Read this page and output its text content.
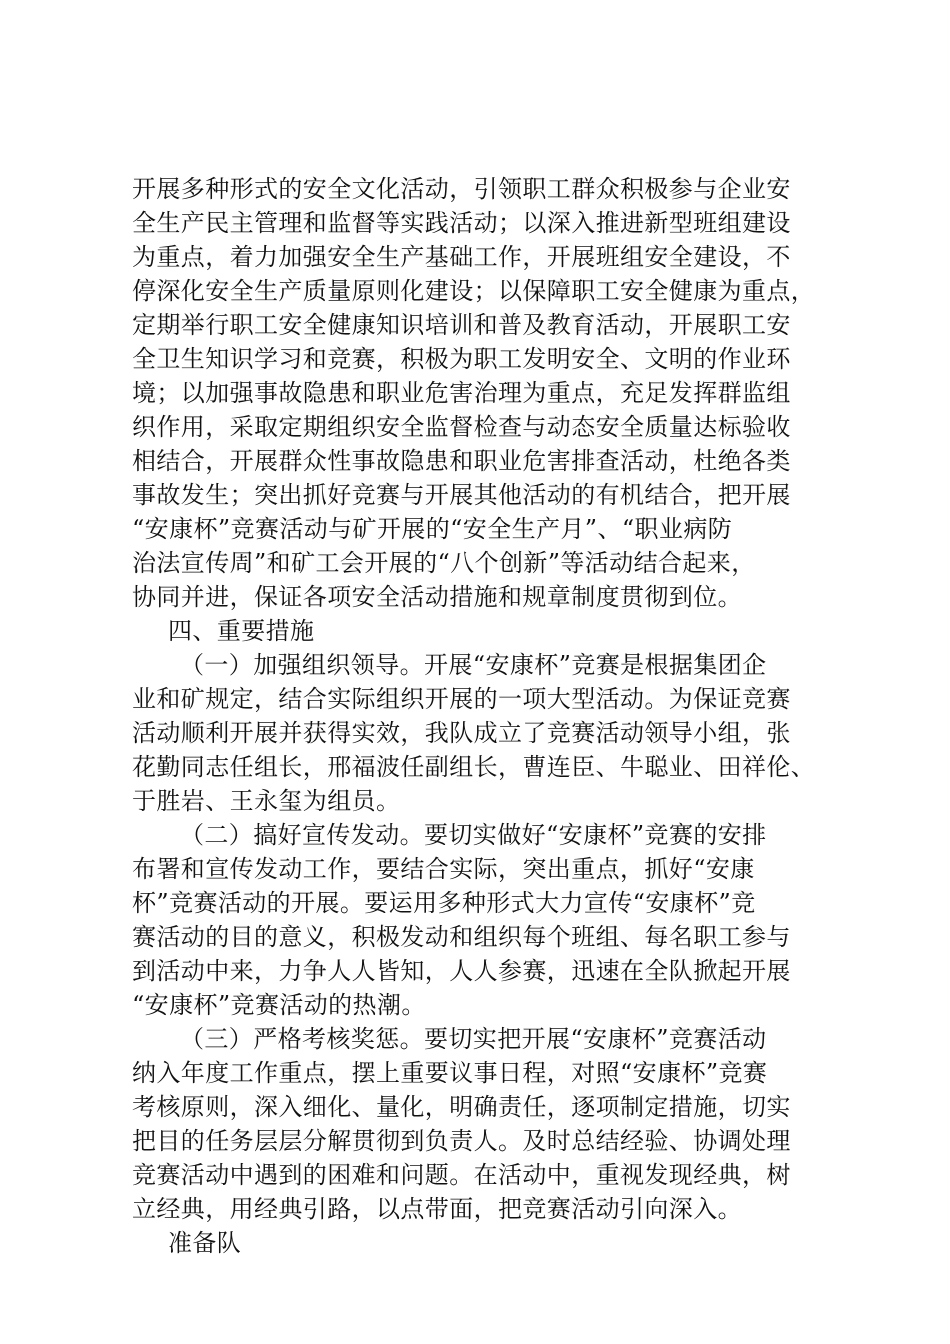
开展多种形式的安全文化活动，引领职工群众积极参与企业安
全生产民主管理和监督等实践活动；以深入推进新型班组建设
为重点，着力加强安全生产基础工作，开展班组安全建设，不
停深化安全生产质量原则化建设；以保障职工安全健康为重点，
定期举行职工安全健康知识培训和普及教育活动，开展职工安
全卫生知识学习和竞赛，积极为职工发明安全、文明的作业环
境；以加强事故隐患和职业危害治理为重点，充足发挥群监组
织作用，采取定期组织安全监督检查与动态安全质量达标验收
相结合，开展群众性事故隐患和职业危害排查活动，杜绝各类
事故发生；突出抓好竞赛与开展其他活动的有机结合，把开展
“安康杯”竞赛活动与矿开展的“安全生产月”、“职业病防
治法宣传周”和矿工会开展的“八个创新”等活动结合起来，
协同并进，保证各项安全活动措施和规章制度贯彻到位。
四、重要措施
（一）加强组织领导。开展“安康杯”竞赛是根据集团企
业和矿规定，结合实际组织开展的一项大型活动。为保证竞赛
活动顺利开展并获得实效，我队成立了竞赛活动领导小组，张
花勤同志任组长，邢福波任副组长，曹连臣、牛聪业、田祥伦、
于胜岩、王永玺为组员。
（二）搞好宣传发动。要切实做好“安康杯”竞赛的安排
布署和宣传发动工作，要结合实际，突出重点，抓好“安康
杯”竞赛活动的开展。要运用多种形式大力宣传“安康杯”竞
赛活动的目的意义，积极发动和组织每个班组、每名职工参与
到活动中来，力争人人皆知，人人参赛，迅速在全队掀起开展
“安康杯”竞赛活动的热潮。
（三）严格考核奖惩。要切实把开展“安康杯”竞赛活动
纳入年度工作重点，摆上重要议事日程，对照“安康杯”竞赛
考核原则，深入细化、量化，明确责任，逐项制定措施，切实
把目的任务层层分解贯彻到负责人。及时总结经验、协调处理
竞赛活动中遇到的困难和问题。在活动中，重视发现经典，树
立经典，用经典引路，以点带面，把竞赛活动引向深入。
准备队
